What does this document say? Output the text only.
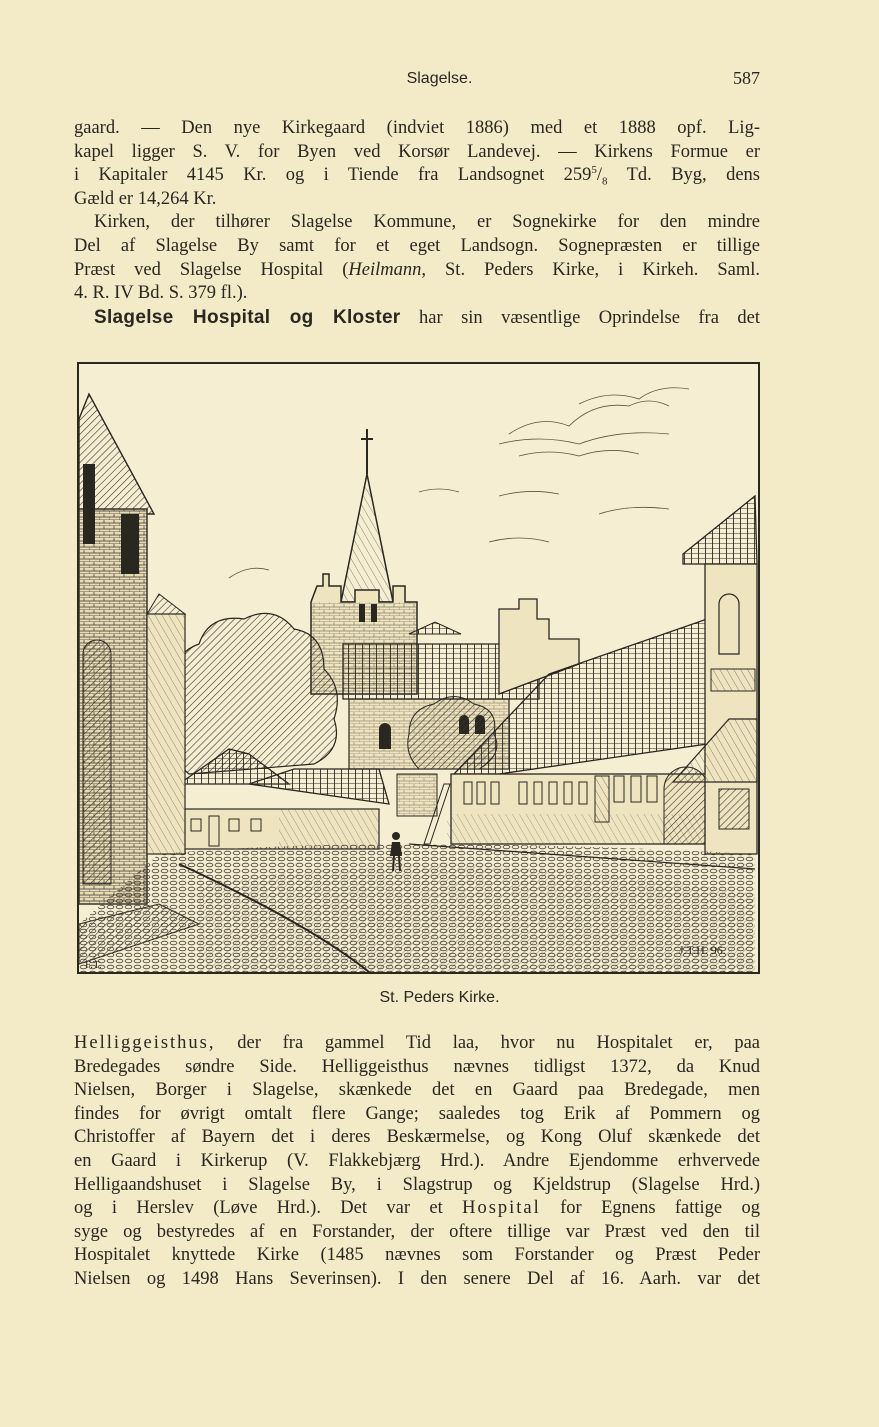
Slagelse.	587

gaard. — Den nye Kirkegaard (indviet 1886) med et 1888 opf. Lig-
kapel ligger S. V. for Byen ved Korsør Landevej. — Kirkens Formue er
i Kapitaler 4145 Kr. og i Tiende fra Landsognet $259^5/_8$ Td. Byg, dens
Gæld er 14,264 Kr.

Kirken, der tilhører Slagelse Kommune, er Sognekirke for den mindre
Del af Slagelse By samt for et eget Landsogn. Sognepræsten er tillige
Præst ved Slagelse Hospital (Heilmann, St. Peders Kirke, i Kirkeh. Saml.
4. R. IV Bd. S. 379 fl.).

Slagelse Hospital og Kloster har sin væsentlige Oprindelse fra det

F.T.
J.T.H. 96.
St. Peders Kirke.

Helliggeisthus, der fra gammel Tid laa, hvor nu Hospitalet er, paa
Bredegades søndre Side. Helliggeisthus nævnes tidligst 1372, da Knud
Nielsen, Borger i Slagelse, skænkede det en Gaard paa Bredegade, men
findes for øvrigt omtalt flere Gange; saaledes tog Erik af Pommern og
Christoffer af Bayern det i deres Beskærmelse, og Kong Oluf skænkede det
en Gaard i Kirkerup (V. Flakkebjærg Hrd.). Andre Ejendomme erhvervede
Helligaandshuset i Slagelse By, i Slagstrup og Kjeldstrup (Slagelse Hrd.)
og i Herslev (Løve Hrd.). Det var et Hospital for Egnens fattige og
syge og bestyredes af en Forstander, der oftere tillige var Præst ved den til
Hospitalet knyttede Kirke (1485 nævnes som Forstander og Præst Peder
Nielsen og 1498 Hans Severinsen). I den senere Del af 16. Aarh. var det
